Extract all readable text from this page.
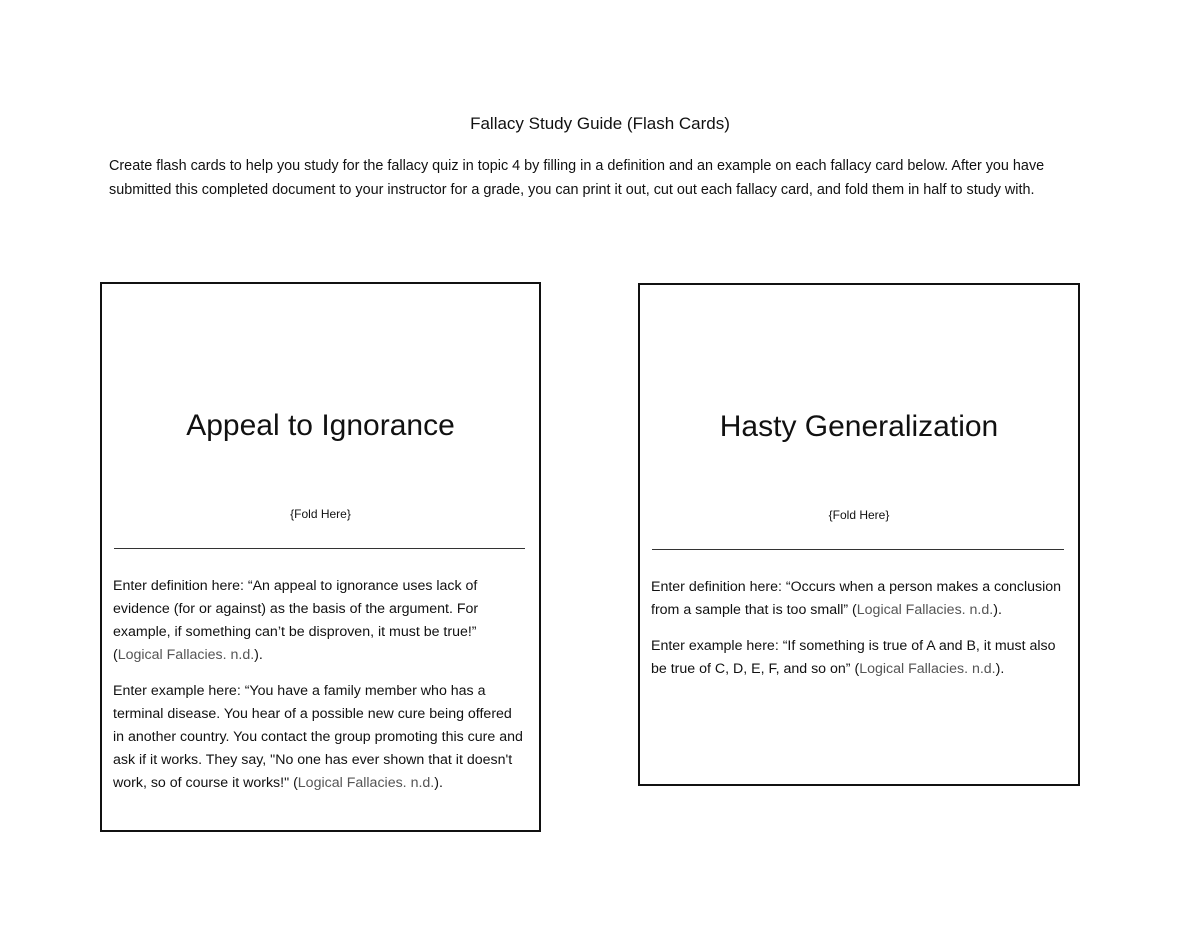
Fallacy Study Guide (Flash Cards)
Create flash cards to help you study for the fallacy quiz in topic 4 by filling in a definition and an example on each fallacy card below. After you have submitted this completed document to your instructor for a grade, you can print it out, cut out each fallacy card, and fold them in half to study with.
Appeal to Ignorance
{Fold Here}

Enter definition here: “An appeal to ignorance uses lack of evidence (for or against) as the basis of the argument. For example, if something can’t be disproven, it must be true!” (Logical Fallacies. n.d.).

Enter example here: “You have a family member who has a terminal disease. You hear of a possible new cure being offered in another country. You contact the group promoting this cure and ask if it works. They say, "No one has ever shown that it doesn't work, so of course it works!" (Logical Fallacies. n.d.).

Hasty Generalization
{Fold Here}

Enter definition here: “Occurs when a person makes a conclusion from a sample that is too small” (Logical Fallacies. n.d.).

Enter example here: “If something is true of A and B, it must also be true of C, D, E, F, and so on” (Logical Fallacies. n.d.).
